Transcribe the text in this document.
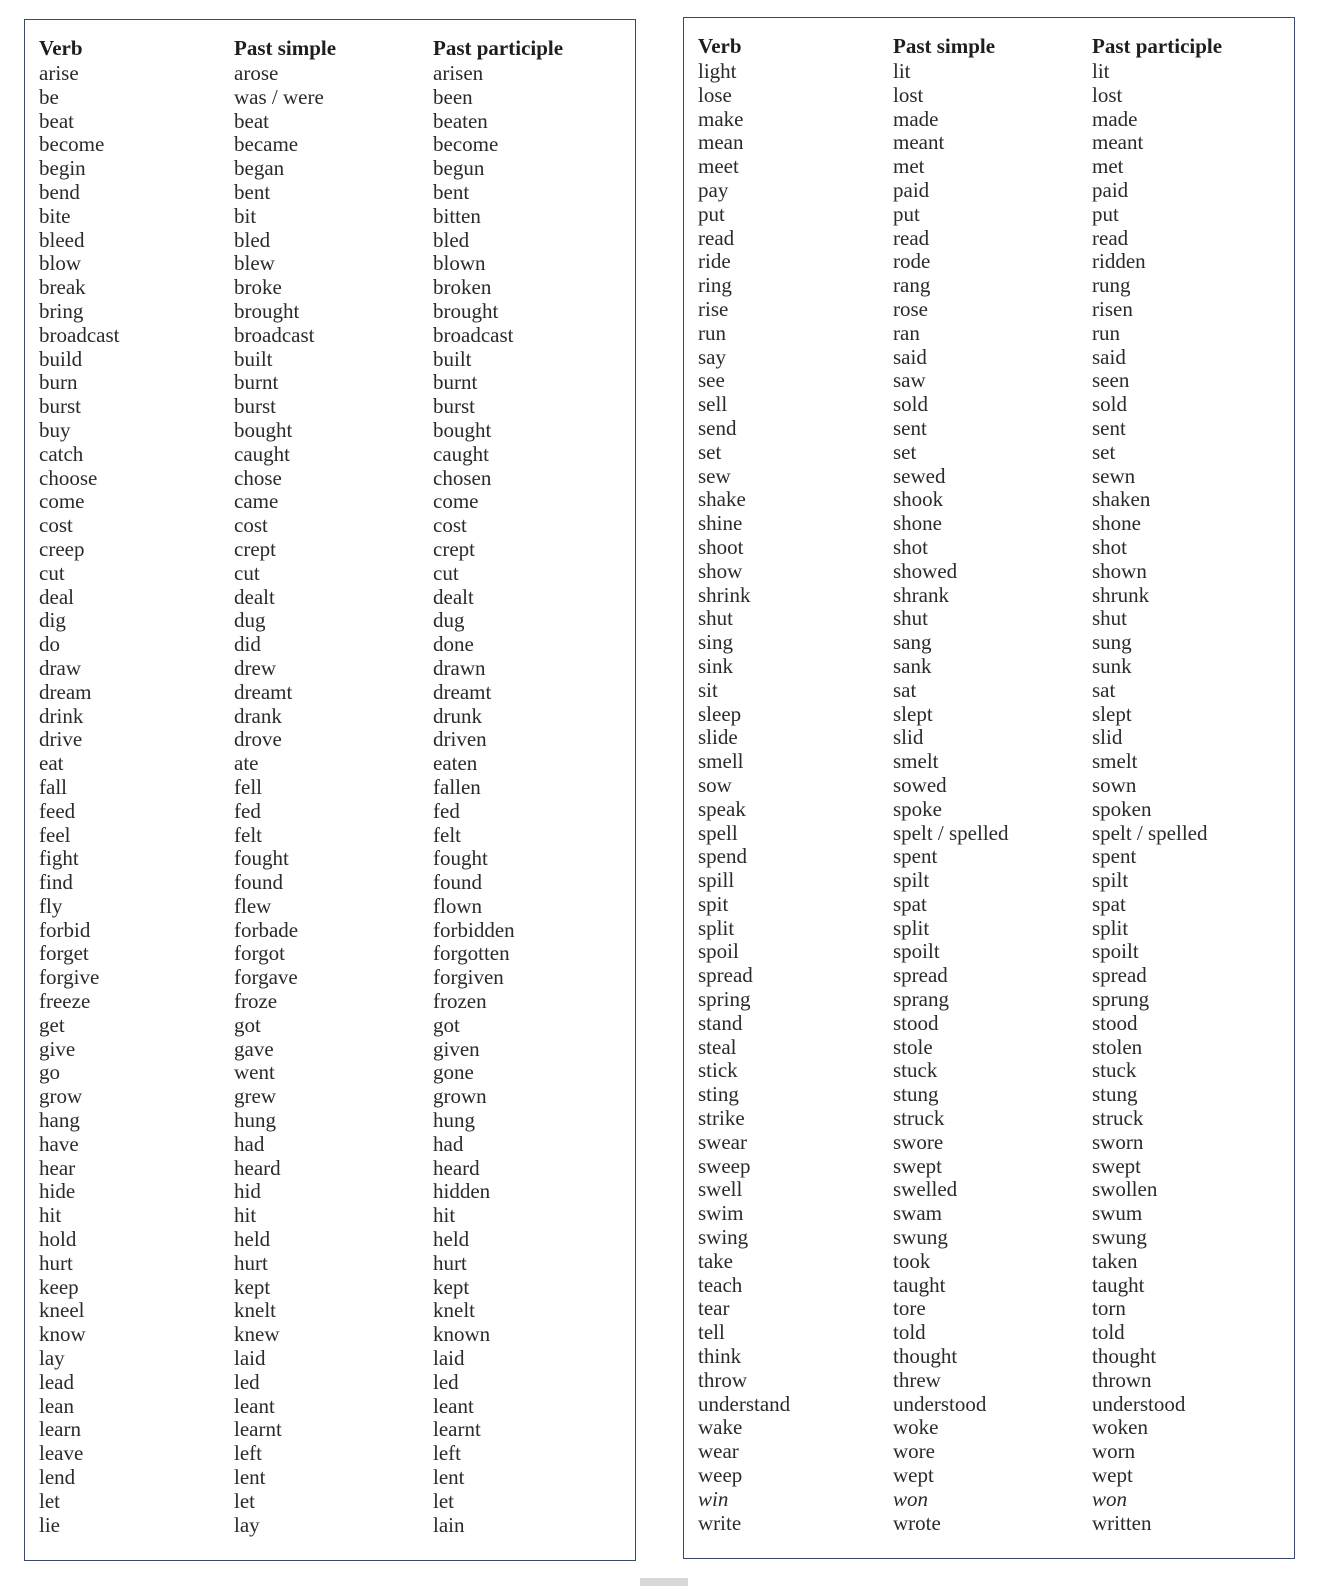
Verb	Past simple	Past participle
arise	arose	arisen
be	was / were	been
beat	beat	beaten
become	became	become
begin	began	begun
bend	bent	bent
bite	bit	bitten
bleed	bled	bled
blow	blew	blown
break	broke	broken
bring	brought	brought
broadcast	broadcast	broadcast
build	built	built
burn	burnt	burnt
burst	burst	burst
buy	bought	bought
catch	caught	caught
choose	chose	chosen
come	came	come
cost	cost	cost
creep	crept	crept
cut	cut	cut
deal	dealt	dealt
dig	dug	dug
do	did	done
draw	drew	drawn
dream	dreamt	dreamt
drink	drank	drunk
drive	drove	driven
eat	ate	eaten
fall	fell	fallen
feed	fed	fed
feel	felt	felt
fight	fought	fought
find	found	found
fly	flew	flown
forbid	forbade	forbidden
forget	forgot	forgotten
forgive	forgave	forgiven
freeze	froze	frozen
get	got	got
give	gave	given
go	went	gone
grow	grew	grown
hang	hung	hung
have	had	had
hear	heard	heard
hide	hid	hidden
hit	hit	hit
hold	held	held
hurt	hurt	hurt
keep	kept	kept
kneel	knelt	knelt
know	knew	known
lay	laid	laid
lead	led	led
lean	leant	leant
learn	learnt	learnt
leave	left	left
lend	lent	lent
let	let	let
lie	lay	lain
Verb	Past simple	Past participle
light	lit	lit
lose	lost	lost
make	made	made
mean	meant	meant
meet	met	met
pay	paid	paid
put	put	put
read	read	read
ride	rode	ridden
ring	rang	rung
rise	rose	risen
run	ran	run
say	said	said
see	saw	seen
sell	sold	sold
send	sent	sent
set	set	set
sew	sewed	sewn
shake	shook	shaken
shine	shone	shone
shoot	shot	shot
show	showed	shown
shrink	shrank	shrunk
shut	shut	shut
sing	sang	sung
sink	sank	sunk
sit	sat	sat
sleep	slept	slept
slide	slid	slid
smell	smelt	smelt
sow	sowed	sown
speak	spoke	spoken
spell	spelt / spelled	spelt / spelled
spend	spent	spent
spill	spilt	spilt
spit	spat	spat
split	split	split
spoil	spoilt	spoilt
spread	spread	spread
spring	sprang	sprung
stand	stood	stood
steal	stole	stolen
stick	stuck	stuck
sting	stung	stung
strike	struck	struck
swear	swore	sworn
sweep	swept	swept
swell	swelled	swollen
swim	swam	swum
swing	swung	swung
take	took	taken
teach	taught	taught
tear	tore	torn
tell	told	told
think	thought	thought
throw	threw	thrown
understand	understood	understood
wake	woke	woken
wear	wore	worn
weep	wept	wept
win	won	won
write	wrote	written
